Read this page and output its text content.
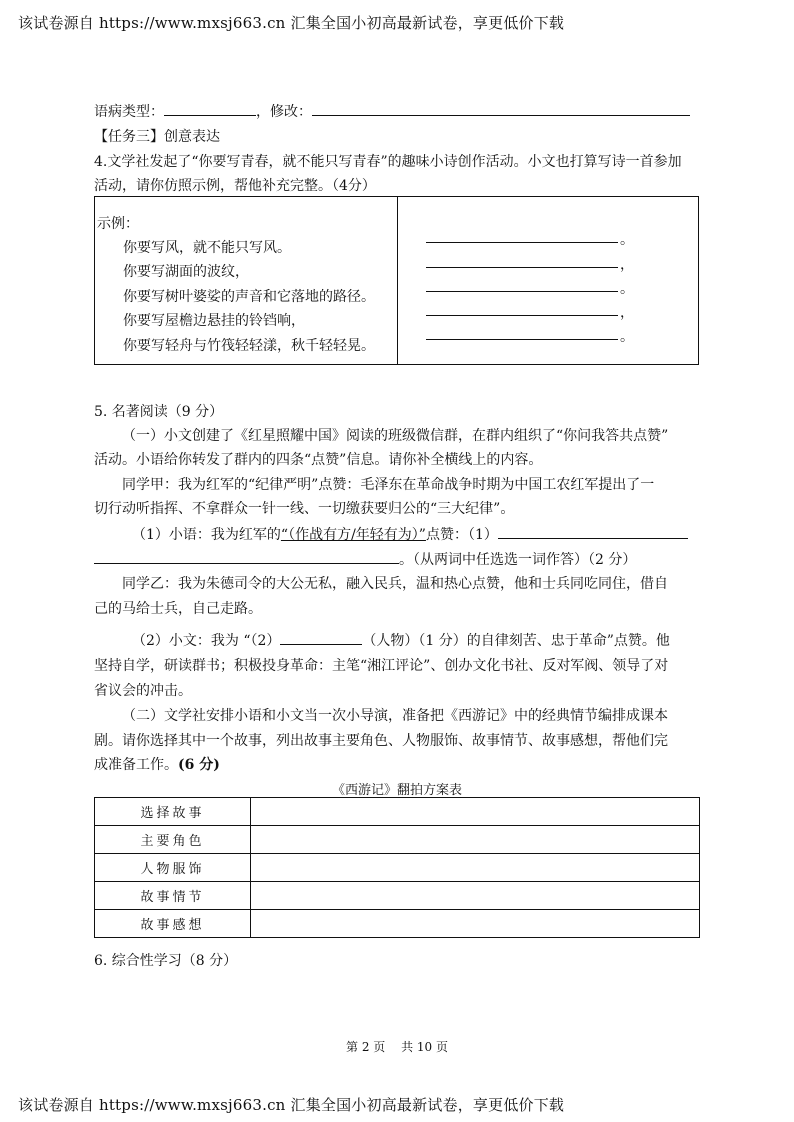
该试卷源自 https://www.mxsj663.cn 汇集全国小初高最新试卷，享更低价下载
语病类型：	，修改：
【任务三】创意表达
4.文学社发起了“你要写青春，就不能只写青春”的趣味小诗创作活动。小文也打算写诗一首参加
活动，请你仿照示例，帮他补充完整。（4分）
示例：
你要写风，就不能只写风。
你要写湖面的波纹，
你要写树叶婆娑的声音和它落地的路径。
你要写屋檐边悬挂的铃铛响，
你要写轻舟与竹筏轻轻漾，秋千轻轻晃。
。
，
。
，
。
5. 名著阅读（9 分）
（一）小文创建了《红星照耀中国》阅读的班级微信群，在群内组织了“你问我答共点赞”
活动。小语给你转发了群内的四条“点赞”信息。请你补全横线上的内容。
同学甲：我为红军的“纪律严明”点赞：毛泽东在革命战争时期为中国工农红军提出了一
切行动听指挥、不拿群众一针一线、一切缴获要归公的“三大纪律”。
（1）小语：我为红军的“（作战有方/年轻有为）”点赞：（1）
。（从两词中任选选一词作答）（2 分）
同学乙：我为朱德司令的大公无私，融入民兵，温和热心点赞，他和士兵同吃同住，借自
己的马给士兵，自己走路。
（2）小文：我为 “（2）	（人物）（1 分）的自律刻苦、忠于革命”点赞。他
坚持自学，研读群书；积极投身革命：主笔“湘江评论”、创办文化书社、反对军阀、领导了对
省议会的冲击。
（二）文学社安排小语和小文当一次小导演，准备把《西游记》中的经典情节编排成课本
剧。请你选择其中一个故事，列出故事主要角色、人物服饰、故事情节、故事感想，帮他们完
成准备工作。(6 分)
《西游记》翻拍方案表
选择故事	
主要角色	
人物服饰	
故事情节	
故事感想	
6. 综合性学习（8 分）
第 2 页　 共 10 页
该试卷源自 https://www.mxsj663.cn 汇集全国小初高最新试卷，享更低价下载
